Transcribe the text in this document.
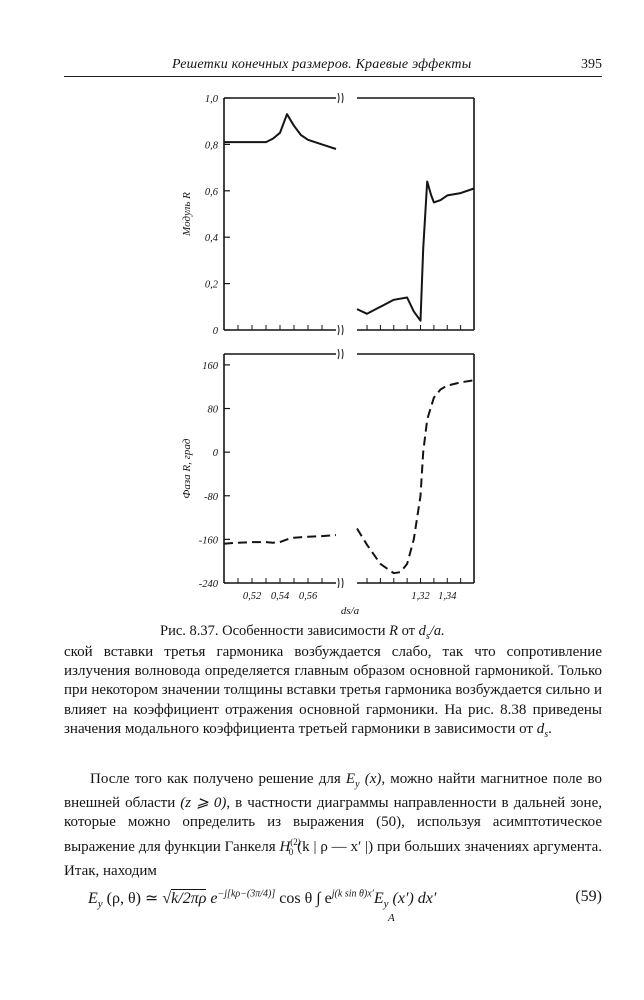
Решетки конечных размеров. Краевые эффекты	395
0
0,2
0,4
0,6
0,8
1,0
Модуль R
-240
-160
-80
0
80
160
Фаза R, град
0,52 0,54 0,56	1,32 1,34
ds/a
Рис. 8.37. Особенности зависимости R от $d_s/a$.

ской вставки третья гармоника возбуждается слабо, так что сопротивление излучения волновода определяется главным образом основной гармоникой. Только при некотором значении толщины вставки третья гармоника возбуждается сильно и влияет на коэффициент отражения основной гармоники. На рис. 8.38 приведены значения модального коэффициента третьей гармоники в зависимости от $d_s$.

После того как получено решение для $E_y$ (x), можно найти магнитное поле во внешней области (z ⩾ 0), в частности диаграммы направленности в дальней зоне, которые можно определить из выражения (50), используя асимптотическое выражение для функции Ганкеля $H^{(2)}_0$ (k | ρ — x′ |) при больших значениях аргумента. Итак, находим

$E_y$ (ρ, θ) ≃ √k/2πρ $e^{-j[k\rho-(3\pi/4)]}$ cos θ ∫ $e^{j(k sin \theta)x'}E_y$ (x′) dx′
A
(59)
